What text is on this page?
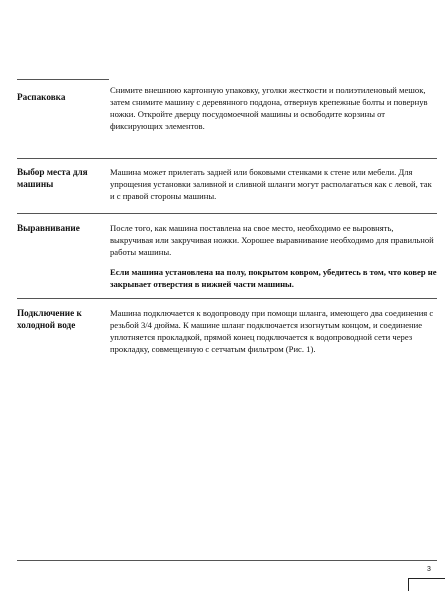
Распаковка
Снимите внешнюю картонную упаковку, уголки жесткости и полиэтиленовый мешок, затем снимите машину с деревянного поддона, отвернув крепежные болты и повернув ножки. Откройте дверцу посудомоечной машины и освободите корзины от фиксирующих элементов.
Выбор места для машины
Машина может прилегать задней или боковыми стенками к стене или мебели. Для упрощения установки заливной и сливной шланги могут располагаться как с левой, так и с правой стороны машины.
Выравнивание	После того, как машина поставлена на свое место, необходимо ее выровнять, выкручивая или закручивая ножки. Хорошее выравнивание необходимо для правильной работы машины.
Если машина установлена на полу, покрытом ковром, убедитесь в том, что ковер не закрывает отверстия в нижней части машины.
Подключение к холодной воде
Машина подключается к водопроводу при помощи шланга, имеющего два соединения с резьбой 3/4 дюйма. К машине шланг подключается изогнутым концом, и соединение уплотняется прокладкой, прямой конец подключается к водопроводной сети через прокладку, совмещенную с сетчатым фильтром (Рис. 1).
3
